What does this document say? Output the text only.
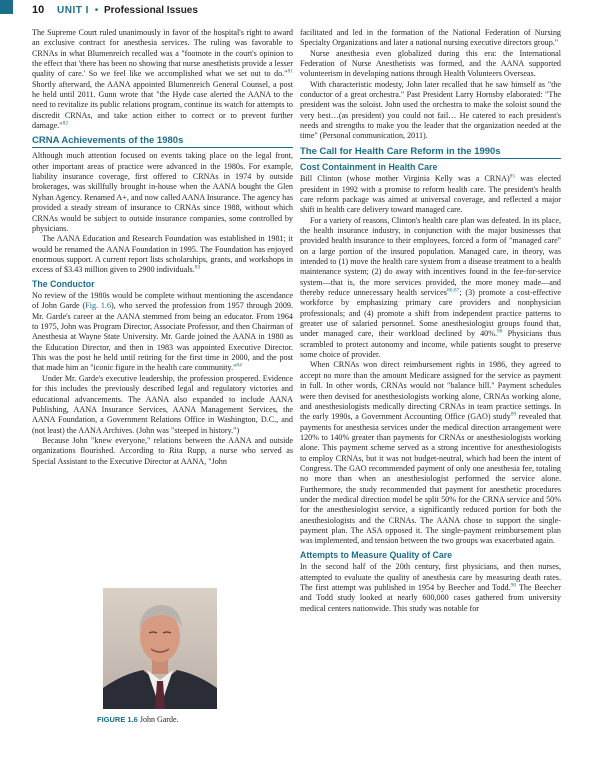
10 UNIT I • Professional Issues

The Supreme Court ruled unanimously in favor of the hospital's right to award an exclusive contract for anesthesia services. The ruling was favorable to CRNAs in what Blumenreich recalled was a "footnote in the court's opinion to the effect that 'there has been no showing that nurse anesthetists provide a lesser quality of care.' So we feel like we accomplished what we set out to do."$^{81}$ Shortly afterward, the AANA appointed Blumenreich General Counsel, a post he held until 2011. Gunn wrote that "the Hyde case alerted the AANA to the need to revitalize its public relations program, continue its watch for attempts to discredit CRNAs, and take action either to correct or to prevent further damage."$^{82}$

CRNA Achievements of the 1980s

Although much attention focused on events taking place on the legal front, other important areas of practice were advanced in the 1980s. For example, liability insurance coverage, first offered to CRNAs in 1974 by outside brokerages, was skillfully brought in-house when the AANA bought the Glen Nyhan Agency. Renamed A+, and now called AANA Insurance. The agency has provided a steady stream of insurance to CRNAs since 1988, without which CRNAs would be subject to outside insurance companies, some controlled by physicians.

The AANA Education and Research Foundation was established in 1981; it would be renamed the AANA Foundation in 1995. The Foundation has enjoyed enormous support. A current report lists scholarships, grants, and workshops in excess of $3.43 million given to 2900 individuals.$^{83}$

The Conductor

No review of the 1980s would be complete without mentioning the ascendance of John Garde (Fig. 1.6), who served the profession from 1957 through 2009. Mr. Garde's career at the AANA stemmed from being an educator. From 1964 to 1975, John was Program Director, Associate Professor, and then Chairman of Anesthesia at Wayne State University. Mr. Garde joined the AANA in 1980 as the Education Director, and then in 1983 was appointed Executive Director. This was the post he held until retiring for the first time in 2000, and the post that made him an "iconic figure in the health care community."$^{84}$

Under Mr. Garde's executive leadership, the profession prospered. Evidence for this includes the previously described legal and regulatory victories and educational advancements. The AANA also expanded to include AANA Publishing, AANA Insurance Services, AANA Management Services, the AANA Foundation, a Government Relations Office in Washington, D.C., and (not least) the AANA Archives. (John was "steeped in history.")

Because John "knew everyone," relations between the AANA and outside organizations flourished. According to Rita Rupp, a nurse who served as Special Assistant to the Executive Director at AANA, "John

FIGURE 1.6 John Garde.

facilitated and led in the formation of the National Federation of Nursing Specialty Organizations and later a national nursing executive directors group."

Nurse anesthesia even globalized during this era: the International Federation of Nurse Anesthetists was formed, and the AANA supported volunteerism in developing nations through Health Volunteers Overseas.

With characteristic modesty, John later recalled that he saw himself as "the conductor of a great orchestra." Past President Larry Hornsby elaborated: "The president was the soloist. John used the orchestra to make the soloist sound the very best…(as president) you could not fail… He catered to each president's needs and strengths to make you the leader that the organization needed at the time" (Personal communication, 2011).

The Call for Health Care Reform in the 1990s
Cost Containment in Health Care

Bill Clinton (whose mother Virginia Kelly was a CRNA)$^{85}$ was elected president in 1992 with a promise to reform health care. The president's health care reform package was aimed at universal coverage, and reflected a major shift in health care delivery toward managed care.

For a variety of reasons, Clinton's health care plan was defeated. In its place, the health insurance industry, in conjunction with the major businesses that provided health insurance to their employees, forced a form of "managed care" on a large portion of the insured population. Managed care, in theory, was intended to (1) move the health care system from a disease treatment to a health maintenance system; (2) do away with incentives found in the fee-for-service system—that is, the more services provided, the more money made—and thereby reduce unnecessary health services$^{86,87}$; (3) promote a cost-effective workforce by emphasizing primary care providers and nonphysician professionals; and (4) promote a shift from independent practice patterns to greater use of salaried personnel. Some anesthesiologist groups found that, under managed care, their workload declined by 40%.$^{88}$ Physicians thus scrambled to protect autonomy and income, while patients sought to preserve some choice of provider.

When CRNAs won direct reimbursement rights in 1986, they agreed to accept no more than the amount Medicare assigned for the service as payment in full. In other words, CRNAs would not "balance bill." Payment schedules were then devised for anesthesiologists working alone, CRNAs working alone, and anesthesiologists medically directing CRNAs in team practice settings. In the early 1990s, a Government Accounting Office (GAO) study$^{89}$ revealed that payments for anesthesia services under the medical direction arrangement were 120% to 140% greater than payments for CRNAs or anesthesiologists working alone. This payment scheme served as a strong incentive for anesthesiologists to employ CRNAs, but it was not budget-neutral, which had been the intent of Congress. The GAO recommended payment of only one anesthesia fee, totaling no more than when an anesthesiologist performed the service alone. Furthermore, the study recommended that payment for anesthetic procedures under the medical direction model be split 50% for the CRNA service and 50% for the anesthesiologist service, a significantly reduced portion for both the anesthesiologists and the CRNAs. The AANA chose to support the single-payment plan. The ASA opposed it. The single-payment reimbursement plan was implemented, and tension between the two groups was exacerbated again.

Attempts to Measure Quality of Care

In the second half of the 20th century, first physicians, and then nurses, attempted to evaluate the quality of anesthesia care by measuring death rates. The first attempt was published in 1954 by Beecher and Todd.$^{90}$ The Beecher and Todd study looked at nearly 600,000 cases gathered from university medical centers nationwide. This study was notable for
